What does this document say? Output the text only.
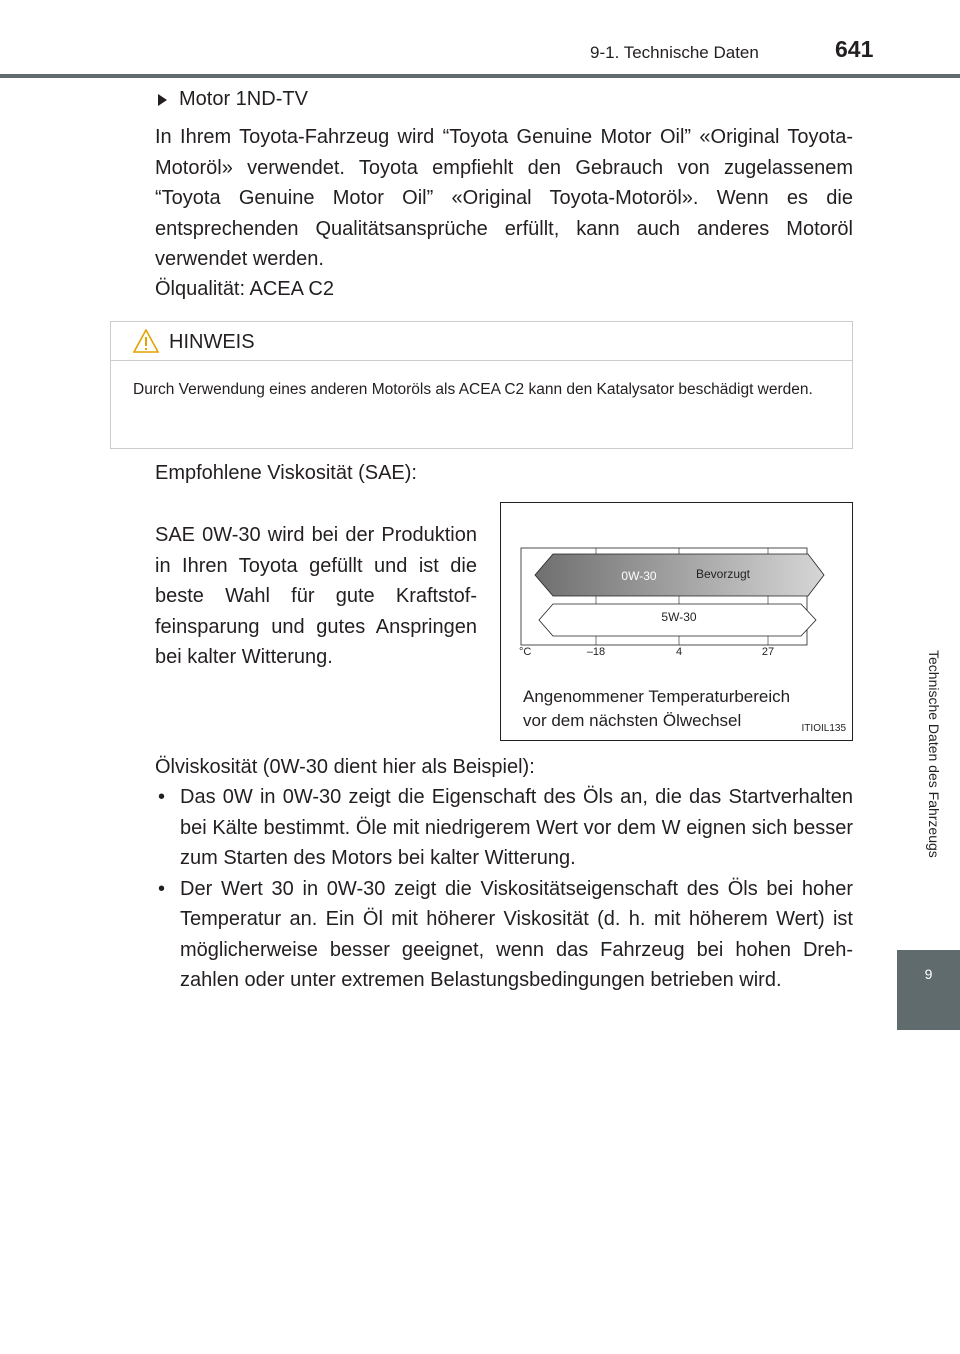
9-1. Technische Daten	641
Technische Daten des Fahrzeugs
9
Motor 1ND-TV

In Ihrem Toyota-Fahrzeug wird “Toyota Genuine Motor Oil” «Original Toyota-Motoröl» verwendet. Toyota empfiehlt den Gebrauch von zugelassenem “Toyota Genuine Motor Oil” «Original Toyota-Motoröl». Wenn es die entsprechenden Qualitätsansprüche erfüllt, kann auch anderes Motoröl verwendet werden.

Ölqualität: ACEA C2

HINWEIS
Durch Verwendung eines anderen Motoröls als ACEA C2 kann den Katalysator beschädigt werden.

Empfohlene Viskosität (SAE):

SAE 0W-30 wird bei der Produktion in Ihren Toyota gefüllt und ist die beste Wahl für gute Kraftstoffeinsparung und gutes Anspringen bei kalter Witterung.

0W-30	Bevorzugt
5W-30
°C	–18	4	27
Angenommener Temperaturbereich
vor dem nächsten Ölwechsel	ITIOIL135

Ölviskosität (0W-30 dient hier als Beispiel):

• Das 0W in 0W-30 zeigt die Eigenschaft des Öls an, die das Startverhalten bei Kälte bestimmt. Öle mit niedrigerem Wert vor dem W eignen sich besser zum Starten des Motors bei kalter Witterung.
• Der Wert 30 in 0W-30 zeigt die Viskositätseigenschaft des Öls bei hoher Temperatur an. Ein Öl mit höherer Viskosität (d. h. mit höherem Wert) ist möglicherweise besser geeignet, wenn das Fahrzeug bei hohen Drehzahlen oder unter extremen Belastungsbedingungen betrieben wird.
